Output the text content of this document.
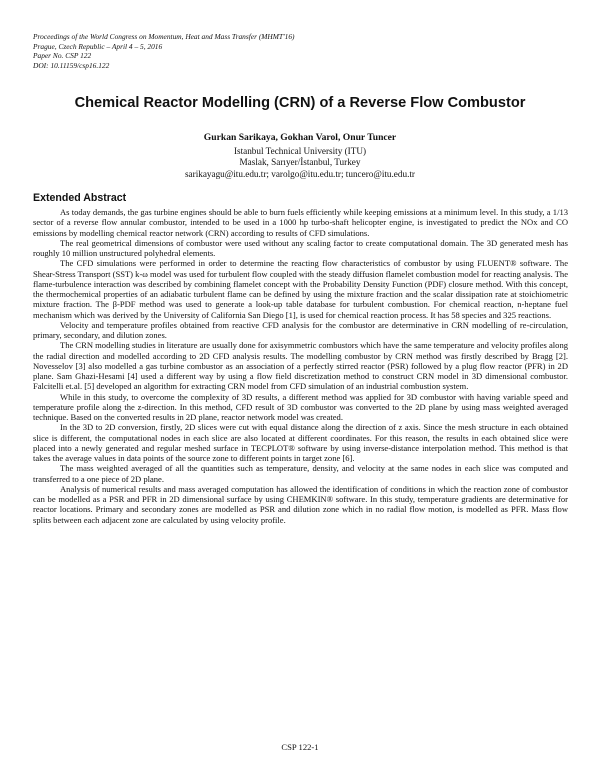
Proceedings of the World Congress on Momentum, Heat and Mass Transfer (MHMT'16)
Prague, Czech Republic – April 4 – 5, 2016
Paper No. CSP 122
DOI: 10.11159/csp16.122
Chemical Reactor Modelling (CRN) of a Reverse Flow Combustor
Gurkan Sarikaya, Gokhan Varol, Onur Tuncer
Istanbul Technical University (ITU)
Maslak, Sarıyer/İstanbul, Turkey
sarikayagu@itu.edu.tr; varolgo@itu.edu.tr; tuncero@itu.edu.tr
Extended Abstract

As today demands, the gas turbine engines should be able to burn fuels efficiently while keeping emissions at a minimum level. In this study, a 1/13 sector of a reverse flow annular combustor, intended to be used in a 1000 hp turbo-shaft helicopter engine, is investigated to predict the NOx and CO emissions by modelling chemical reactor network (CRN) according to results of CFD simulations.

The real geometrical dimensions of combustor were used without any scaling factor to create computational domain. The 3D generated mesh has roughly 10 million unstructured polyhedral elements.

The CFD simulations were performed in order to determine the reacting flow characteristics of combustor by using FLUENT® software. The Shear-Stress Transport (SST) k-ω model was used for turbulent flow coupled with the steady diffusion flamelet combustion model for reacting analysis. The flame-turbulence interaction was described by combining flamelet concept with the Probability Density Function (PDF) closure method. With this concept, the thermochemical properties of an adiabatic turbulent flame can be defined by using the mixture fraction and the scalar dissipation rate at stoichiometric mixture fraction. The β-PDF method was used to generate a look-up table database for turbulent combustion. For chemical reaction, n-heptane fuel mechanism which was derived by the University of California San Diego [1], is used for chemical reaction process. It has 58 species and 325 reactions.

Velocity and temperature profiles obtained from reactive CFD analysis for the combustor are determinative in CRN modelling of re-circulation, primary, secondary, and dilution zones.

The CRN modelling studies in literature are usually done for axisymmetric combustors which have the same temperature and velocity profiles along the radial direction and modelled according to 2D CFD analysis results. The modelling combustor by CRN method was firstly described by Bragg [2]. Novesselov [3] also modelled a gas turbine combustor as an association of a perfectly stirred reactor (PSR) followed by a plug flow reactor (PFR) in 2D plane. Sam Ghazi-Hesami [4] used a different way by using a flow field discretization method to construct CRN model in 3D dimensional combustor. Falcitelli et.al. [5] developed an algorithm for extracting CRN model from CFD simulation of an industrial combustion system.

While in this study, to overcome the complexity of 3D results, a different method was applied for 3D combustor with having variable speed and temperature profile along the z-direction. In this method, CFD result of 3D combustor was converted to the 2D plane by using mass weighted averaged technique. Based on the converted results in 2D plane, reactor network model was created.

In the 3D to 2D conversion, firstly, 2D slices were cut with equal distance along the direction of z axis. Since the mesh structure in each obtained slice is different, the computational nodes in each slice are also located at different coordinates. For this reason, the results in each obtained slice were placed into a newly generated and regular meshed surface in TECPLOT® software by using inverse-distance interpolation method. This method is that takes the average values in data points of the source zone to different points in target zone [6].

The mass weighted averaged of all the quantities such as temperature, density, and velocity at the same nodes in each slice was computed and transferred to a one piece of 2D plane.

Analysis of numerical results and mass averaged computation has allowed the identification of conditions in which the reaction zone of combustor can be modelled as a PSR and PFR in 2D dimensional surface by using CHEMKIN® software. In this study, temperature gradients are determinative for reactor locations. Primary and secondary zones are modelled as PSR and dilution zone which in no radial flow motion, is modelled as PFR. Mass flow splits between each adjacent zone are calculated by using velocity profile.

CSP 122-1
